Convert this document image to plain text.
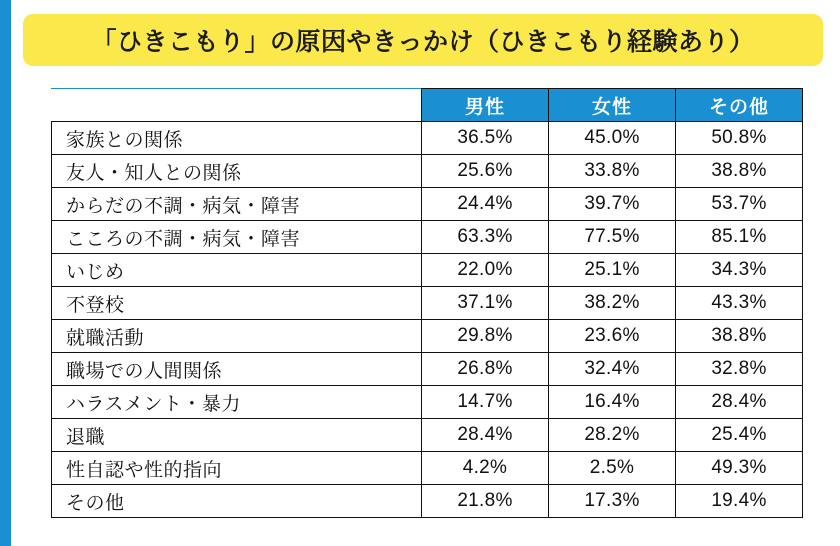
「ひきこもり」の原因やきっかけ（ひきこもり経験あり）
	男性	女性	その他
家族との関係	36.5%	45.0%	50.8%
友人・知人との関係	25.6%	33.8%	38.8%
からだの不調・病気・障害	24.4%	39.7%	53.7%
こころの不調・病気・障害	63.3%	77.5%	85.1%
いじめ	22.0%	25.1%	34.3%
不登校	37.1%	38.2%	43.3%
就職活動	29.8%	23.6%	38.8%
職場での人間関係	26.8%	32.4%	32.8%
ハラスメント・暴力	14.7%	16.4%	28.4%
退職	28.4%	28.2%	25.4%
性自認や性的指向	4.2%	2.5%	49.3%
その他	21.8%	17.3%	19.4%
